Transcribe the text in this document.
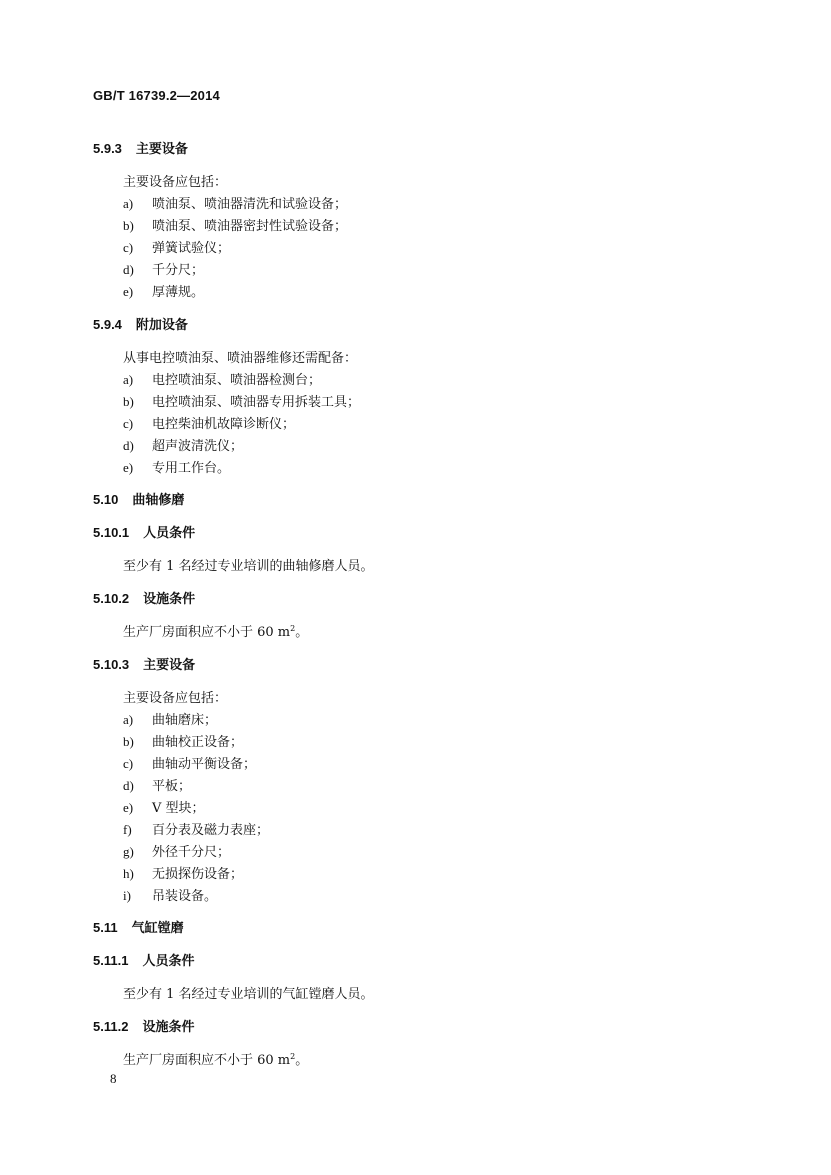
GB/T 16739.2—2014
5.9.3 主要设备
主要设备应包括：
a) 喷油泵、喷油器清洗和试验设备；
b) 喷油泵、喷油器密封性试验设备；
c) 弹簧试验仪；
d) 千分尺；
e) 厚薄规。
5.9.4 附加设备
从事电控喷油泵、喷油器维修还需配备：
a) 电控喷油泵、喷油器检测台；
b) 电控喷油泵、喷油器专用拆装工具；
c) 电控柴油机故障诊断仪；
d) 超声波清洗仪；
e) 专用工作台。
5.10 曲轴修磨
5.10.1 人员条件
至少有 1 名经过专业培训的曲轴修磨人员。
5.10.2 设施条件
生产厂房面积应不小于 60 $m^2$。
5.10.3 主要设备
主要设备应包括：
a) 曲轴磨床；
b) 曲轴校正设备；
c) 曲轴动平衡设备；
d) 平板；
e) V 型块；
f) 百分表及磁力表座；
g) 外径千分尺；
h) 无损探伤设备；
i) 吊装设备。
5.11 气缸镗磨
5.11.1 人员条件
至少有 1 名经过专业培训的气缸镗磨人员。
5.11.2 设施条件
生产厂房面积应不小于 60 $m^2$。
8
